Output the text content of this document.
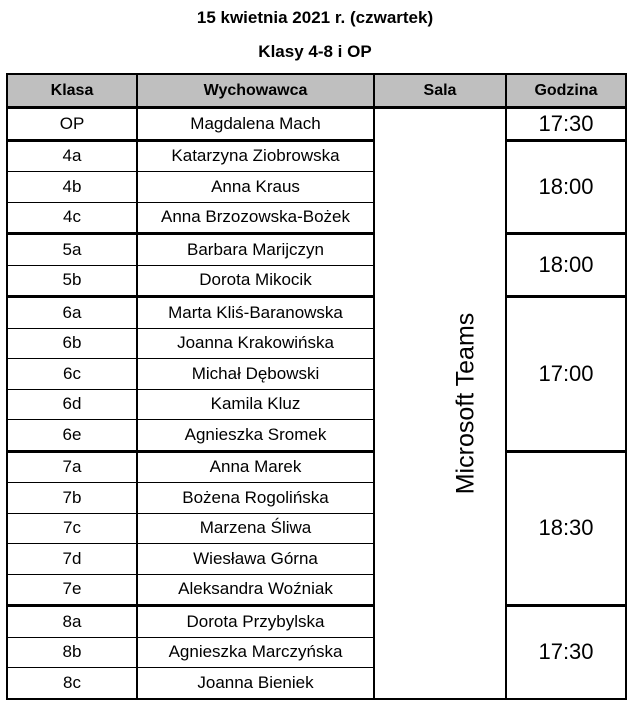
15 kwietnia 2021 r. (czwartek)
Klasy 4-8 i OP
Klasa	Wychowawca	Sala	Godzina
OP	Magdalena Mach	Microsoft Teams	17:30
4a	Katarzyna Ziobrowska		18:00
4b	Anna Kraus		
4c	Anna Brzozowska-Bożek		
5a	Barbara Marijczyn		18:00
5b	Dorota Mikocik		
6a	Marta Kliś-Baranowska		17:00
6b	Joanna Krakowińska		
6c	Michał Dębowski		
6d	Kamila Kluz		
6e	Agnieszka Sromek		
7a	Anna Marek		18:30
7b	Bożena Rogolińska		
7c	Marzena Śliwa		
7d	Wiesława Górna		
7e	Aleksandra Woźniak		
8a	Dorota Przybylska		17:30
8b	Agnieszka Marczyńska		
8c	Joanna Bieniek		
